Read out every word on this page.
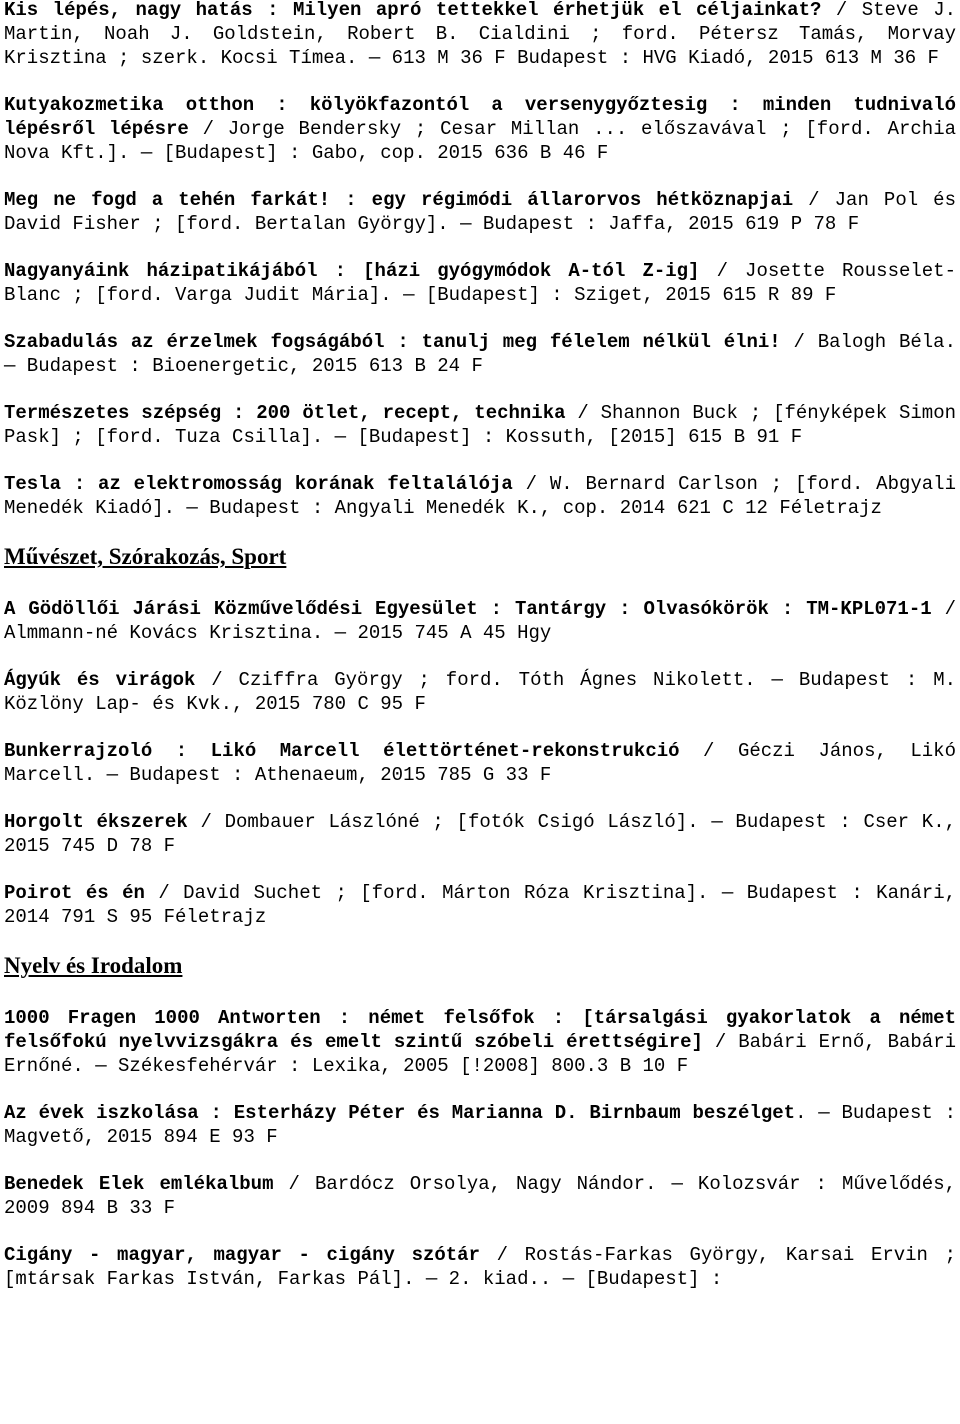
Kis lépés, nagy hatás : Milyen apró tettekkel érhetjük el céljainkat? / Steve J. Martin, Noah J. Goldstein, Robert B. Cialdini ; ford. Pétersz Tamás, Morvay Krisztina ; szerk. Kocsi Tímea. — 613 M 36 F Budapest : HVG Kiadó, 2015 613 M 36 F
Kutyakozmetika otthon : kölyökfazontól a versenygyőztesig : minden tudnivaló lépésről lépésre / Jorge Bendersky ; Cesar Millan ... előszavával ; [ford. Archia Nova Kft.]. — [Budapest] : Gabo, cop. 2015 636 B 46 F
Meg ne fogd a tehén farkát! : egy régimódi állarorvos hétköznapjai / Jan Pol és David Fisher ; [ford. Bertalan György]. — Budapest : Jaffa, 2015 619 P 78 F
Nagyanyáink házipatikájából : [házi gyógymódok A-tól Z-ig] / Josette Rousselet-Blanc ; [ford. Varga Judit Mária]. — [Budapest] : Sziget, 2015 615 R 89 F
Szabadulás az érzelmek fogságából : tanulj meg félelem nélkül élni! / Balogh Béla. — Budapest : Bioenergetic, 2015 613 B 24 F
Természetes szépség : 200 ötlet, recept, technika / Shannon Buck ; [fényképek Simon Pask] ; [ford. Tuza Csilla]. — [Budapest] : Kossuth, [2015] 615 B 91 F
Tesla : az elektromosság korának feltalálója / W. Bernard Carlson ; [ford. Abgyali Menedék Kiadó]. — Budapest : Angyali Menedék K., cop. 2014 621 C 12 Féletrajz
Művészet, Szórakozás, Sport
A Gödöllői Járási Közművelődési Egyesület : Tantárgy : Olvasókörök : TM-KPL071-1 / Almmann-né Kovács Krisztina. — 2015 745 A 45 Hgy
Ágyúk és virágok / Cziffra György ; ford. Tóth Ágnes Nikolett. — Budapest : M. Közlöny Lap- és Kvk., 2015 780 C 95 F
Bunkerrajzoló : Likó Marcell élettörténet-rekonstrukció / Géczi János, Likó Marcell. — Budapest : Athenaeum, 2015 785 G 33 F
Horgolt ékszerek / Dombauer Lászlóné ; [fotók Csigó László]. — Budapest : Cser K., 2015 745 D 78 F
Poirot és én / David Suchet ; [ford. Márton Róza Krisztina]. — Budapest : Kanári, 2014 791 S 95 Féletrajz
Nyelv és Irodalom
1000 Fragen 1000 Antworten : német felsőfok : [társalgási gyakorlatok a német felsőfokú nyelvvizsgákra és emelt szintű szóbeli érettségire] / Babári Ernő, Babári Ernőné. — Székesfehérvár : Lexika, 2005 [!2008] 800.3 B 10 F
Az évek iszkolása : Esterházy Péter és Marianna D. Birnbaum beszélget. — Budapest : Magvető, 2015 894 E 93 F
Benedek Elek emlékalbum / Bardócz Orsolya, Nagy Nándor. — Kolozsvár : Művelődés, 2009 894 B 33 F
Cigány - magyar, magyar - cigány szótár / Rostás-Farkas György, Karsai Ervin ; [mtársak Farkas István, Farkas Pál]. — 2. kiad.. — [Budapest] :
